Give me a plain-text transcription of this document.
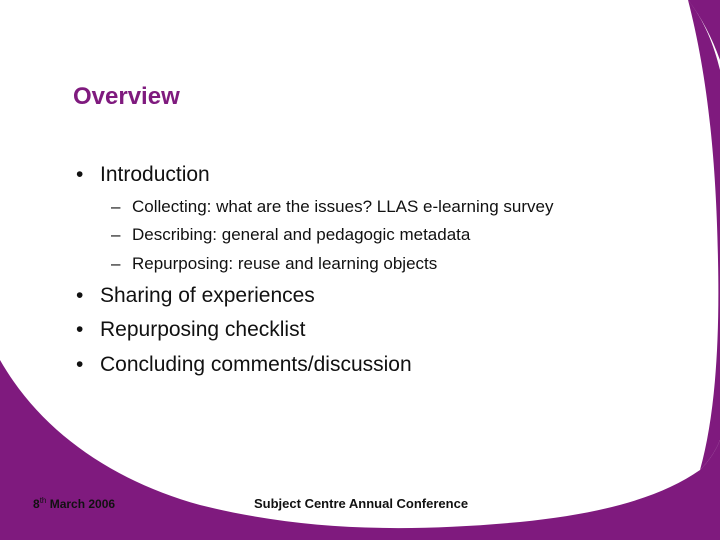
Overview
• Introduction
– Collecting: what are the issues? LLAS e-learning survey
– Describing: general and pedagogic metadata
– Repurposing: reuse and learning objects
• Sharing of experiences
• Repurposing checklist
• Concluding comments/discussion
8th March 2006	Subject Centre Annual Conference
